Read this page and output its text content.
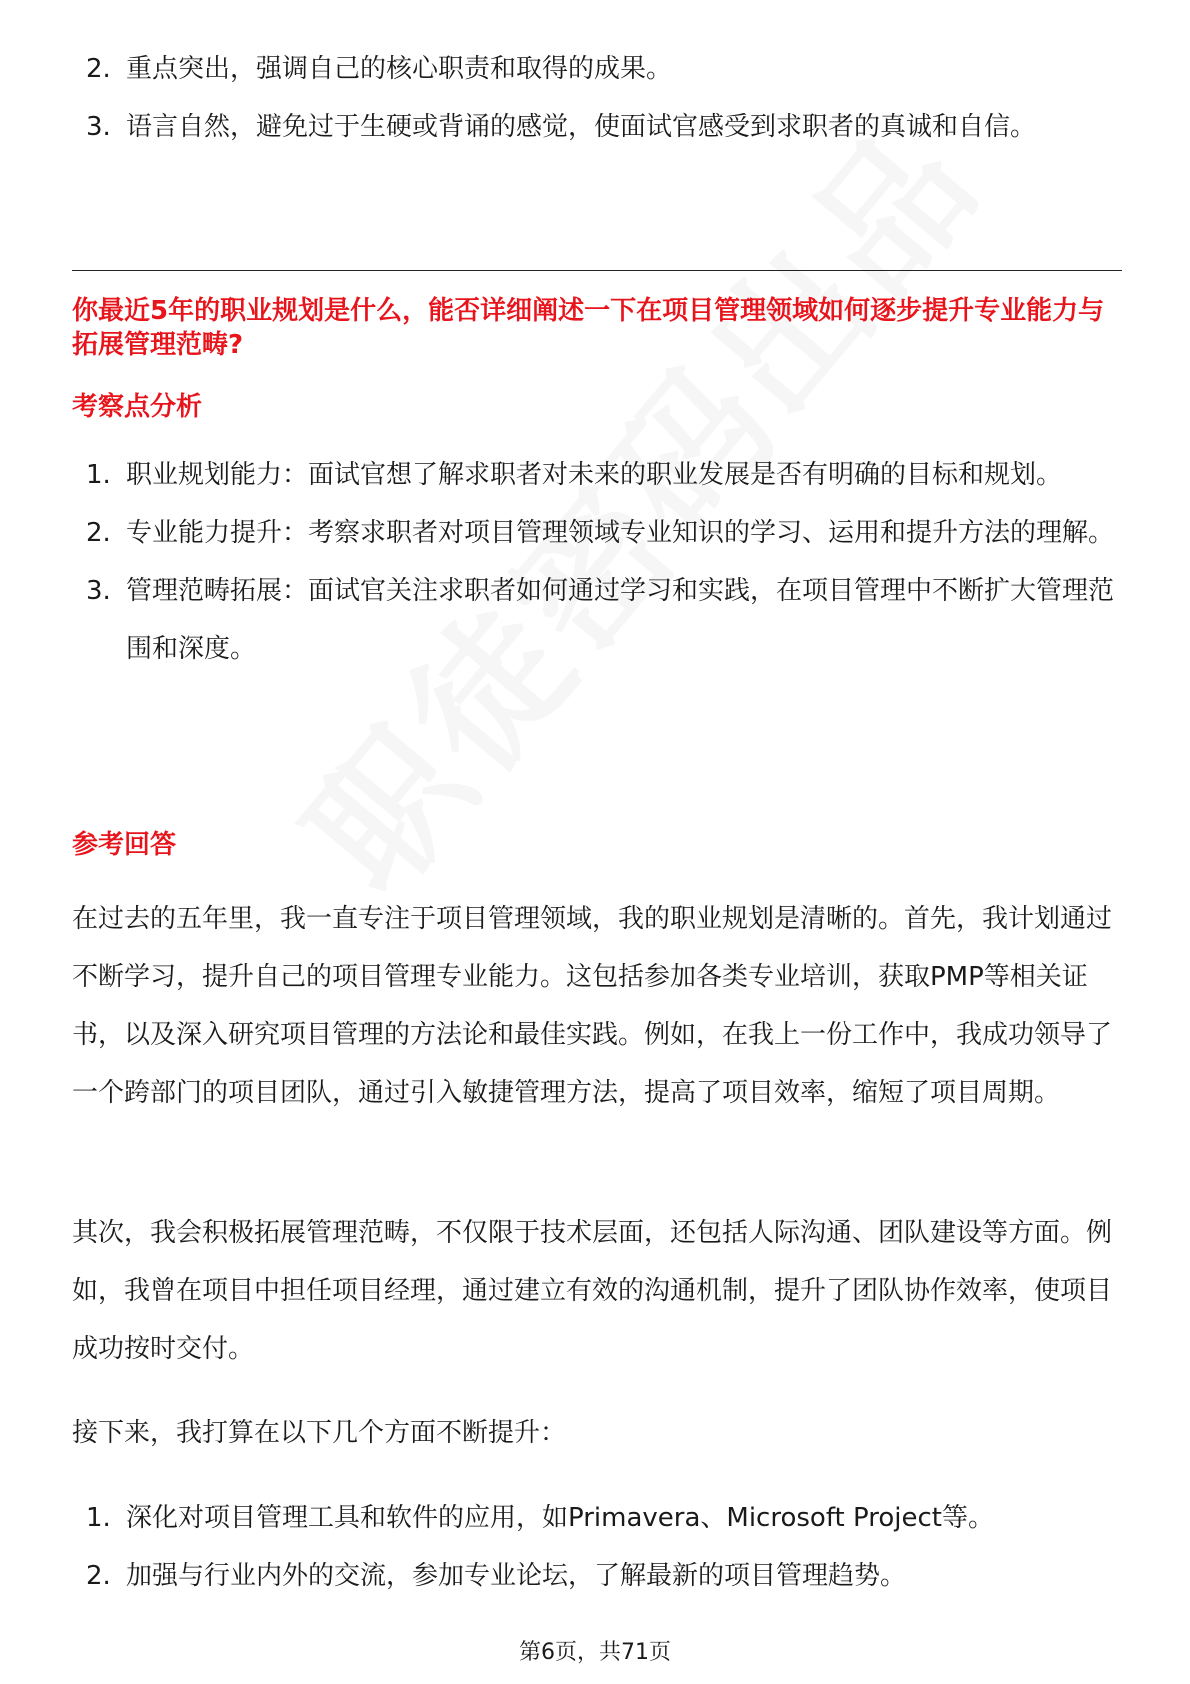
2. 重点突出，强调自己的核心职责和取得的成果。
3. 语言自然，避免过于生硬或背诵的感觉，使面试官感受到求职者的真诚和自信。
你最近5年的职业规划是什么，能否详细阐述一下在项目管理领域如何逐步提升专业能力与拓展管理范畴?
考察点分析
1. 职业规划能力：面试官想了解求职者对未来的职业发展是否有明确的目标和规划。
2. 专业能力提升：考察求职者对项目管理领域专业知识的学习、运用和提升方法的理解。
3. 管理范畴拓展：面试官关注求职者如何通过学习和实践，在项目管理中不断扩大管理范围和深度。
参考回答

在过去的五年里，我一直专注于项目管理领域，我的职业规划是清晰的。首先，我计划通过不断学习，提升自己的项目管理专业能力。这包括参加各类专业培训，获取PMP等相关证书，以及深入研究项目管理的方法论和最佳实践。例如，在我上一份工作中，我成功领导了一个跨部门的项目团队，通过引入敏捷管理方法，提高了项目效率，缩短了项目周期。

其次，我会积极拓展管理范畴，不仅限于技术层面，还包括人际沟通、团队建设等方面。例如，我曾在项目中担任项目经理，通过建立有效的沟通机制，提升了团队协作效率，使项目成功按时交付。

接下来，我打算在以下几个方面不断提升：

1. 深化对项目管理工具和软件的应用，如Primavera、Microsoft Project等。
2. 加强与行业内外的交流，参加专业论坛，了解最新的项目管理趋势。
第6页，共71页
